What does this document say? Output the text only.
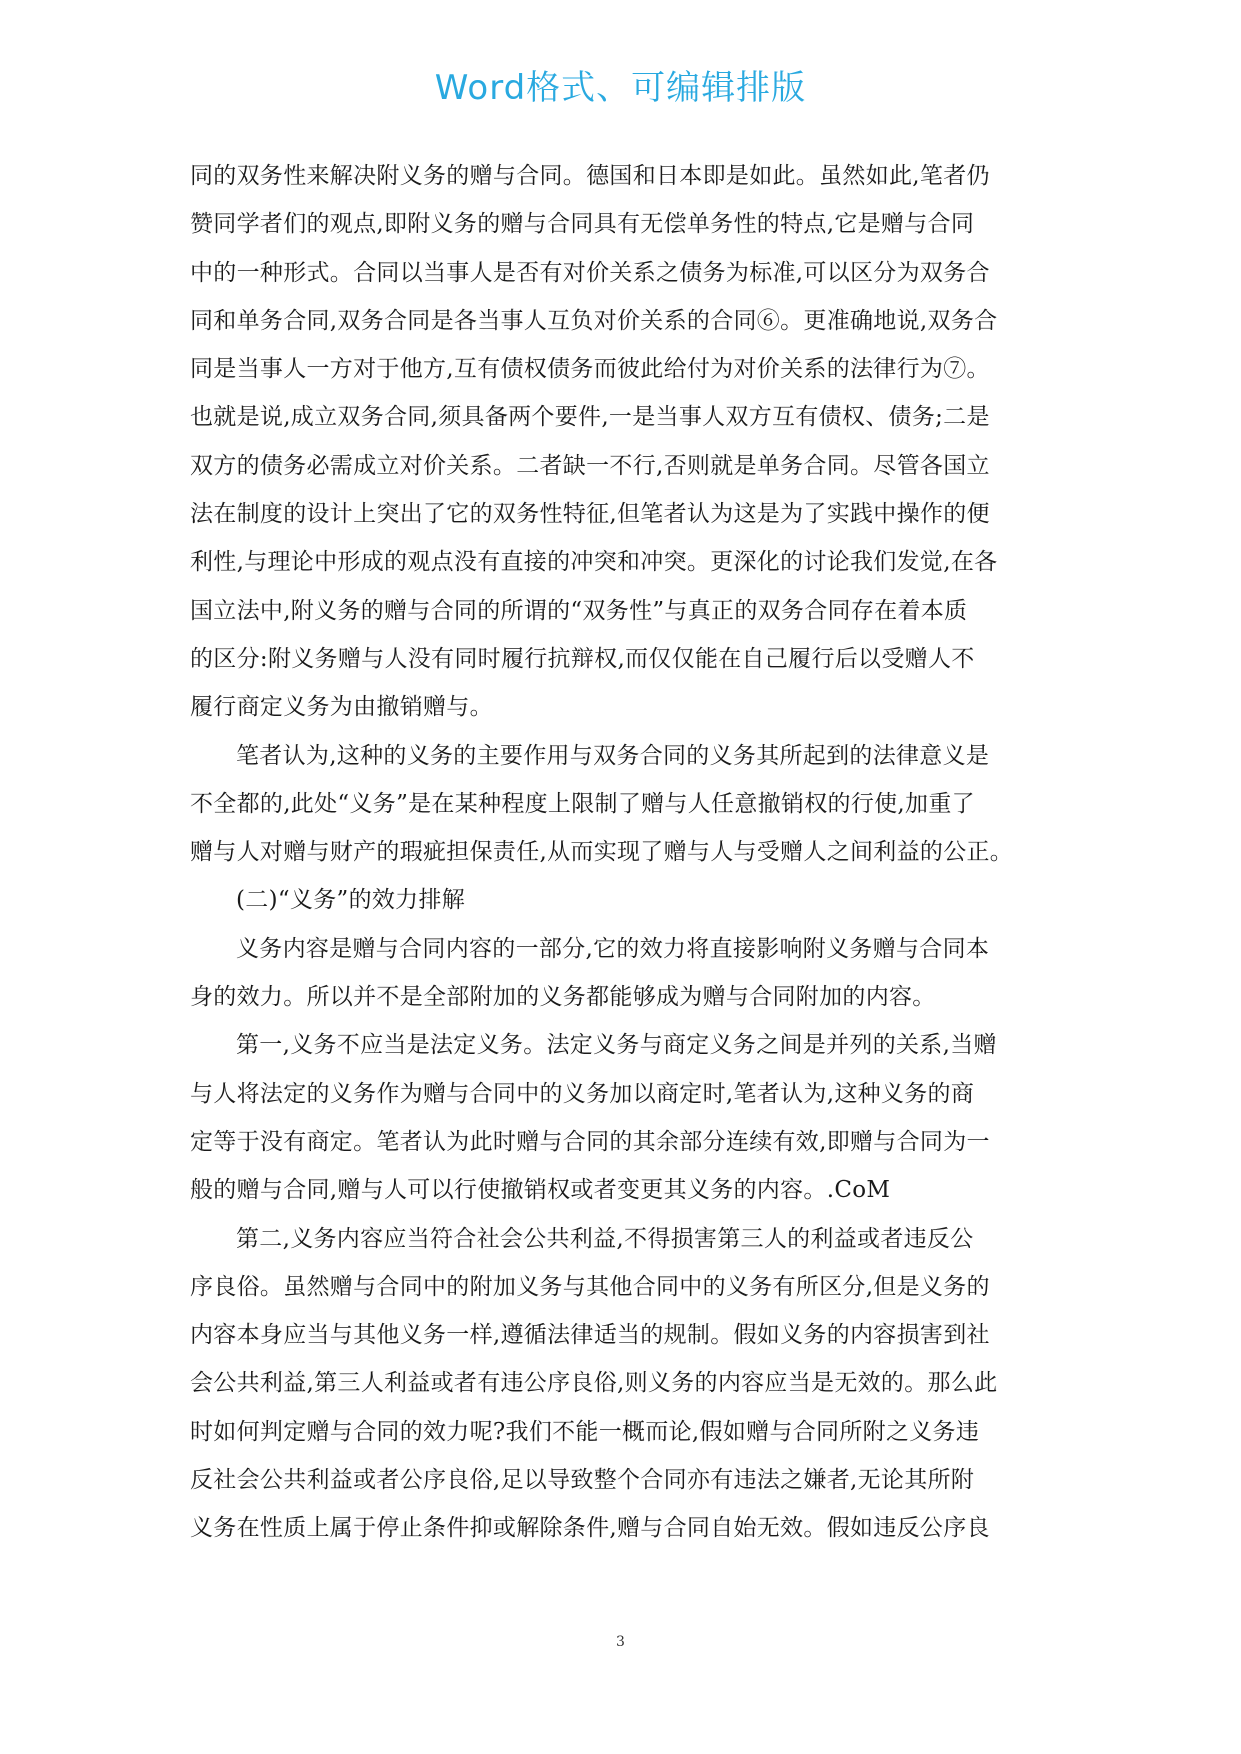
Word格式、可编辑排版
同的双务性来解决附义务的赠与合同。德国和日本即是如此。虽然如此,笔者仍
赞同学者们的观点,即附义务的赠与合同具有无偿单务性的特点,它是赠与合同
中的一种形式。合同以当事人是否有对价关系之债务为标准,可以区分为双务合
同和单务合同,双务合同是各当事人互负对价关系的合同⑥。更准确地说,双务合
同是当事人一方对于他方,互有债权债务而彼此给付为对价关系的法律行为⑦。
也就是说,成立双务合同,须具备两个要件,一是当事人双方互有债权、债务;二是
双方的债务必需成立对价关系。二者缺一不行,否则就是单务合同。尽管各国立
法在制度的设计上突出了它的双务性特征,但笔者认为这是为了实践中操作的便
利性,与理论中形成的观点没有直接的冲突和冲突。更深化的讨论我们发觉,在各
国立法中,附义务的赠与合同的所谓的“双务性”与真正的双务合同存在着本质
的区分:附义务赠与人没有同时履行抗辩权,而仅仅能在自己履行后以受赠人不
履行商定义务为由撤销赠与。
笔者认为,这种的义务的主要作用与双务合同的义务其所起到的法律意义是
不全都的,此处“义务”是在某种程度上限制了赠与人任意撤销权的行使,加重了
赠与人对赠与财产的瑕疵担保责任,从而实现了赠与人与受赠人之间利益的公正。
(二)“义务”的效力排解
义务内容是赠与合同内容的一部分,它的效力将直接影响附义务赠与合同本
身的效力。所以并不是全部附加的义务都能够成为赠与合同附加的内容。
第一,义务不应当是法定义务。法定义务与商定义务之间是并列的关系,当赠
与人将法定的义务作为赠与合同中的义务加以商定时,笔者认为,这种义务的商
定等于没有商定。笔者认为此时赠与合同的其余部分连续有效,即赠与合同为一
般的赠与合同,赠与人可以行使撤销权或者变更其义务的内容。.CoM
第二,义务内容应当符合社会公共利益,不得损害第三人的利益或者违反公
序良俗。虽然赠与合同中的附加义务与其他合同中的义务有所区分,但是义务的
内容本身应当与其他义务一样,遵循法律适当的规制。假如义务的内容损害到社
会公共利益,第三人利益或者有违公序良俗,则义务的内容应当是无效的。那么此
时如何判定赠与合同的效力呢?我们不能一概而论,假如赠与合同所附之义务违
反社会公共利益或者公序良俗,足以导致整个合同亦有违法之嫌者,无论其所附
义务在性质上属于停止条件抑或解除条件,赠与合同自始无效。假如违反公序良
3
